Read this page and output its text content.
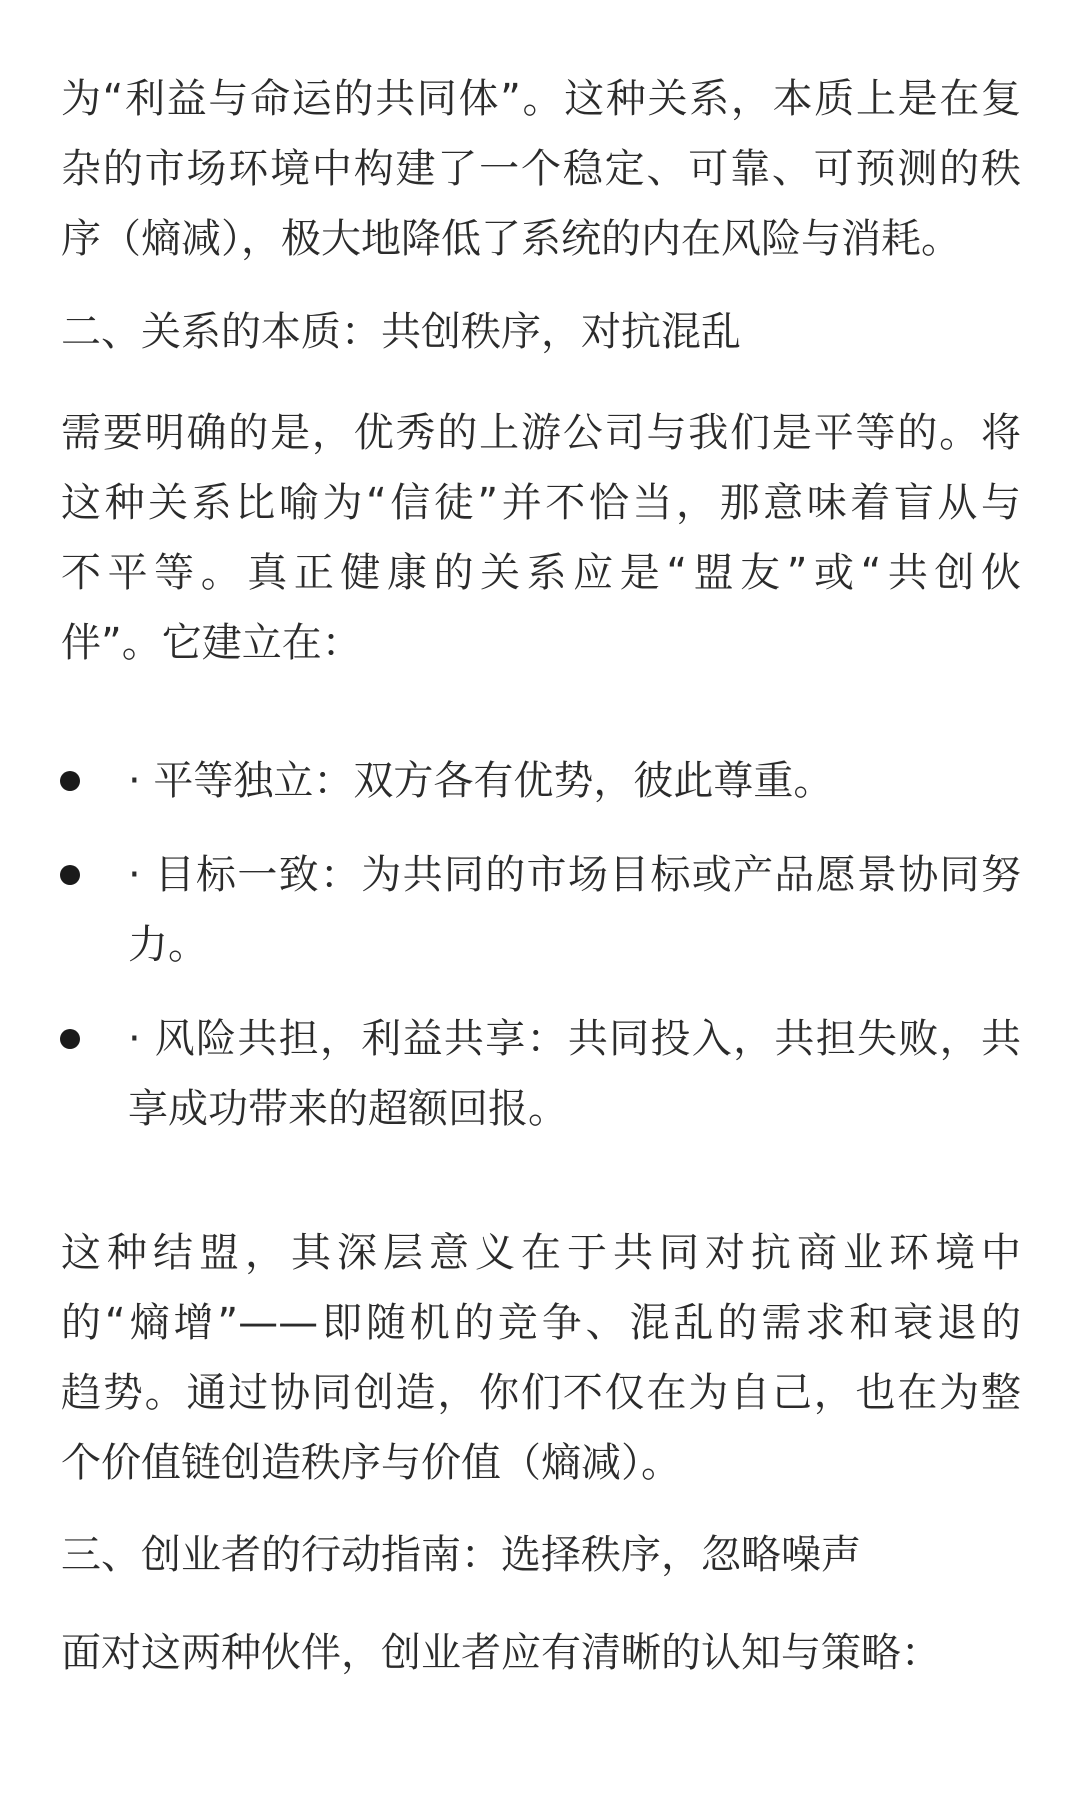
为“利益与命运的共同体”。这种关系，本质上是在复
杂的市场环境中构建了一个稳定、可靠、可预测的秩
序（熵减），极大地降低了系统的内在风险与消耗。
二、关系的本质：共创秩序，对抗混乱
需要明确的是，优秀的上游公司与我们是平等的。将
这种关系比喻为“信徒”并不恰当，那意味着盲从与
不平等。真正健康的关系应是“盟友”或“共创伙
伴”。它建立在：
· 平等独立：双方各有优势，彼此尊重。
· 目标一致：为共同的市场目标或产品愿景协同努
力。
· 风险共担，利益共享：共同投入，共担失败，共
享成功带来的超额回报。
这种结盟，其深层意义在于共同对抗商业环境中
的“熵增”——即随机的竞争、混乱的需求和衰退的
趋势。通过协同创造，你们不仅在为自己，也在为整
个价值链创造秩序与价值（熵减）。
三、创业者的行动指南：选择秩序，忽略噪声
面对这两种伙伴，创业者应有清晰的认知与策略：
